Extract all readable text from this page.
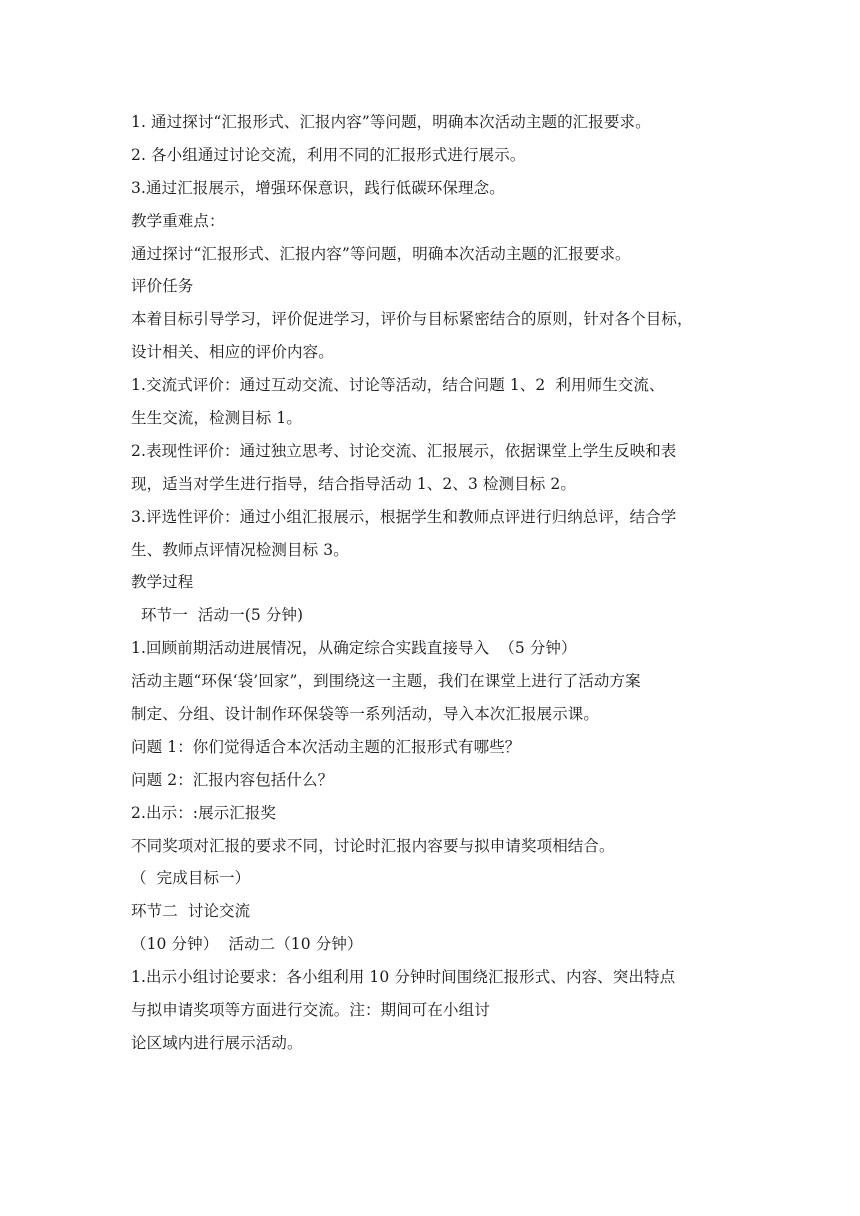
1. 通过探讨“汇报形式、汇报内容”等问题，明确本次活动主题的汇报要求。
2. 各小组通过讨论交流，利用不同的汇报形式进行展示。
3.通过汇报展示，增强环保意识，践行低碳环保理念。
教学重难点：
通过探讨“汇报形式、汇报内容”等问题，明确本次活动主题的汇报要求。
评价任务
本着目标引导学习，评价促进学习，评价与目标紧密结合的原则，针对各个目标，
设计相关、相应的评价内容。
1.交流式评价：通过互动交流、讨论等活动，结合问题 1、2  利用师生交流、
生生交流，检测目标 1。
2.表现性评价：通过独立思考、讨论交流、汇报展示，依据课堂上学生反映和表
现，适当对学生进行指导，结合指导活动 1、2、3 检测目标 2。
3.评选性评价：通过小组汇报展示，根据学生和教师点评进行归纳总评，结合学
生、教师点评情况检测目标 3。
教学过程
环节一  活动一(5 分钟)
1.回顾前期活动进展情况，从确定综合实践直接导入  （5 分钟）
活动主题“环保‘袋’回家”，到围绕这一主题，我们在课堂上进行了活动方案
制定、分组、设计制作环保袋等一系列活动，导入本次汇报展示课。
问题 1：你们觉得适合本次活动主题的汇报形式有哪些？
问题 2：汇报内容包括什么？
2.出示：:展示汇报奖
不同奖项对汇报的要求不同，讨论时汇报内容要与拟申请奖项相结合。
（  完成目标一）
环节二  讨论交流
（10 分钟）  活动二（10 分钟）
1.出示小组讨论要求：各小组利用 10 分钟时间围绕汇报形式、内容、突出特点
与拟申请奖项等方面进行交流。注：期间可在小组讨
论区域内进行展示活动。
